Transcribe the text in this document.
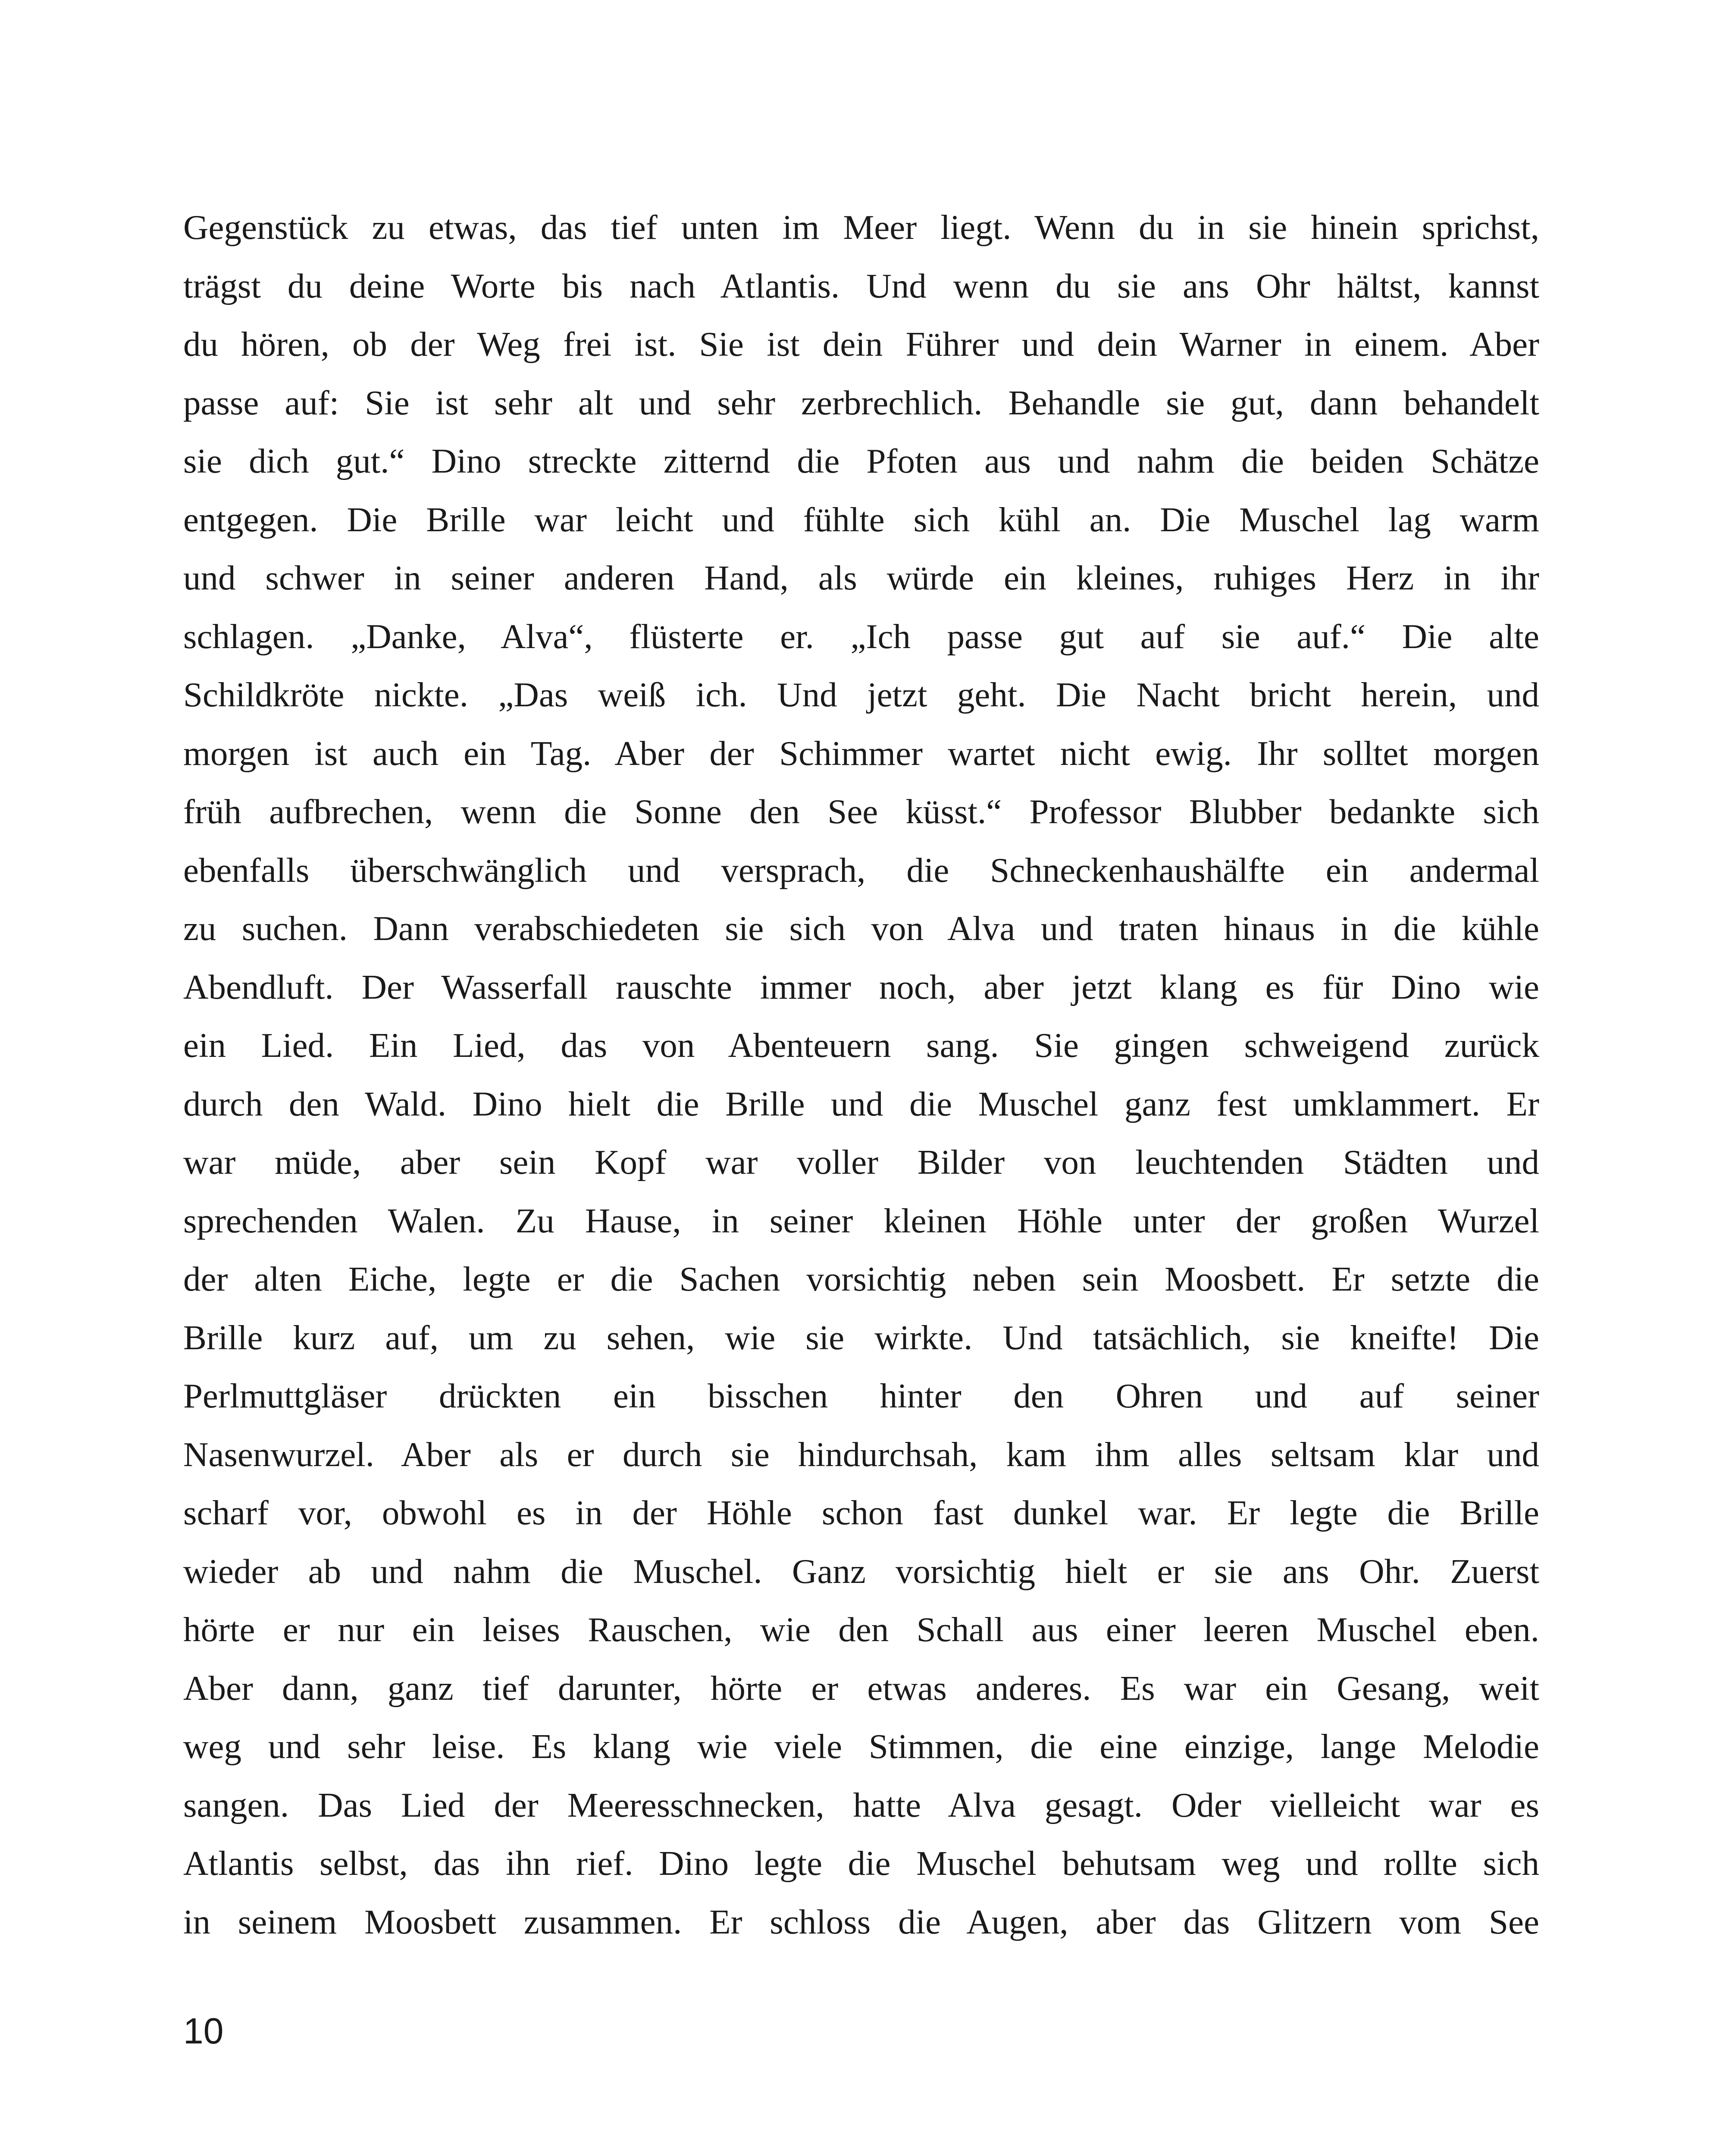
Gegenstück zu etwas, das tief unten im Meer liegt. Wenn du in sie hinein sprichst,
trägst du deine Worte bis nach Atlantis. Und wenn du sie ans Ohr hältst, kannst
du hören, ob der Weg frei ist. Sie ist dein Führer und dein Warner in einem. Aber
passe auf: Sie ist sehr alt und sehr zerbrechlich. Behandle sie gut, dann behandelt
sie dich gut.“ Dino streckte zitternd die Pfoten aus und nahm die beiden Schätze
entgegen. Die Brille war leicht und fühlte sich kühl an. Die Muschel lag warm
und schwer in seiner anderen Hand, als würde ein kleines, ruhiges Herz in ihr
schlagen. „Danke, Alva“, flüsterte er. „Ich passe gut auf sie auf.“ Die alte
Schildkröte nickte. „Das weiß ich. Und jetzt geht. Die Nacht bricht herein, und
morgen ist auch ein Tag. Aber der Schimmer wartet nicht ewig. Ihr solltet morgen
früh aufbrechen, wenn die Sonne den See küsst.“ Professor Blubber bedankte sich
ebenfalls überschwänglich und versprach, die Schneckenhaushälfte ein andermal
zu suchen. Dann verabschiedeten sie sich von Alva und traten hinaus in die kühle
Abendluft. Der Wasserfall rauschte immer noch, aber jetzt klang es für Dino wie
ein Lied. Ein Lied, das von Abenteuern sang. Sie gingen schweigend zurück
durch den Wald. Dino hielt die Brille und die Muschel ganz fest umklammert. Er
war müde, aber sein Kopf war voller Bilder von leuchtenden Städten und
sprechenden Walen. Zu Hause, in seiner kleinen Höhle unter der großen Wurzel
der alten Eiche, legte er die Sachen vorsichtig neben sein Moosbett. Er setzte die
Brille kurz auf, um zu sehen, wie sie wirkte. Und tatsächlich, sie kneifte! Die
Perlmuttgläser drückten ein bisschen hinter den Ohren und auf seiner
Nasenwurzel. Aber als er durch sie hindurchsah, kam ihm alles seltsam klar und
scharf vor, obwohl es in der Höhle schon fast dunkel war. Er legte die Brille
wieder ab und nahm die Muschel. Ganz vorsichtig hielt er sie ans Ohr. Zuerst
hörte er nur ein leises Rauschen, wie den Schall aus einer leeren Muschel eben.
Aber dann, ganz tief darunter, hörte er etwas anderes. Es war ein Gesang, weit
weg und sehr leise. Es klang wie viele Stimmen, die eine einzige, lange Melodie
sangen. Das Lied der Meeresschnecken, hatte Alva gesagt. Oder vielleicht war es
Atlantis selbst, das ihn rief. Dino legte die Muschel behutsam weg und rollte sich
in seinem Moosbett zusammen. Er schloss die Augen, aber das Glitzern vom See
10
